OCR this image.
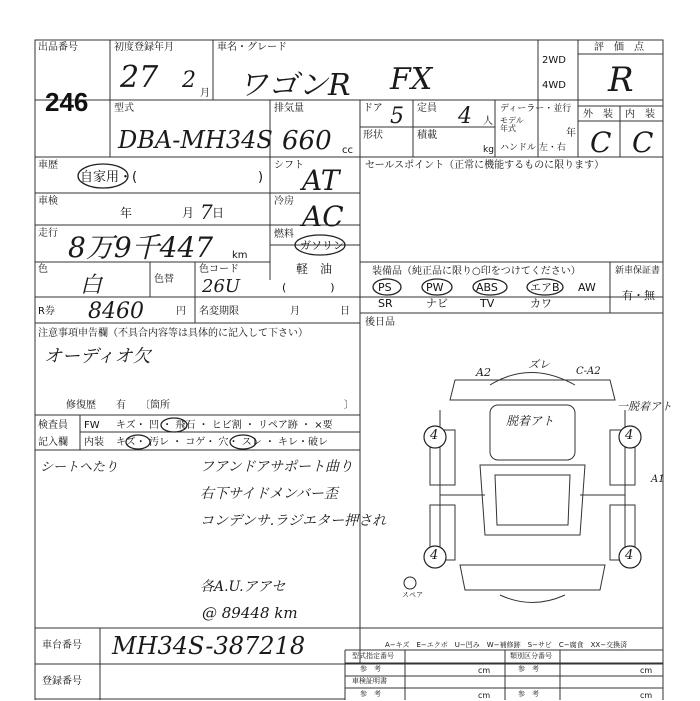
出品番号
246
初度登録年月
27 2
月
車名・グレード
ワゴンR FX
2WD
4WD
評　価　点
R
型式
DBA-MH34S
排気量
660 cc
ドア 5 定員 4 人
ディーラー・並行
モデル
年式	年
ハンドル 左・右
形状	積載
kg
外　装 内　装
C C
車歴
自家用・(	)
車検
年	月 7 日
走行 8万9千447 km
シフト
AT
冷房 AC
燃料
ガソリン
軽　油
(　　　　)
色
白	色替
色コード
26U
R券 8460	円 名変期限	月	日
注意事項申告欄（不具合内容等は具体的に記入して下さい）
オーディオ欠
修復歴 有 〔箇所	〕
検査員
記入欄
FW キズ・ 凹 ・ 飛石 ・ ヒビ割 ・ リペア跡 ・ ×要
内装 キズ・ 汚レ ・ コゲ・ 穴・ スレ ・ キレ・破レ
シートヘたり	フアンドアサポート曲り
右下サイドメンバー歪
コンデンサ.ラジエター押され
各A.U.アアセ
@ 89448 km
セールスポイント（正常に機能するものに限ります）
装備品（純正品に限り○印をつけてください）
PS	PW	ABS	エアB AW
SR	ナビ	TV	カワ
新車保証書
有・無
後日品
A2
ズレ
C-A2
脱着アト
一脱着アト
A1
4	4
4	4
スペア
車台番号 MH34S-387218
登録番号
A−キズ　E−エクボ　U−凹み　W−補修跡　S−サビ　C−腐食　XX−交換済
型式指定番号
参　考
類別区分番号
参　考
車検証明書
参　考	参　考
cm	cm
cm	cm
